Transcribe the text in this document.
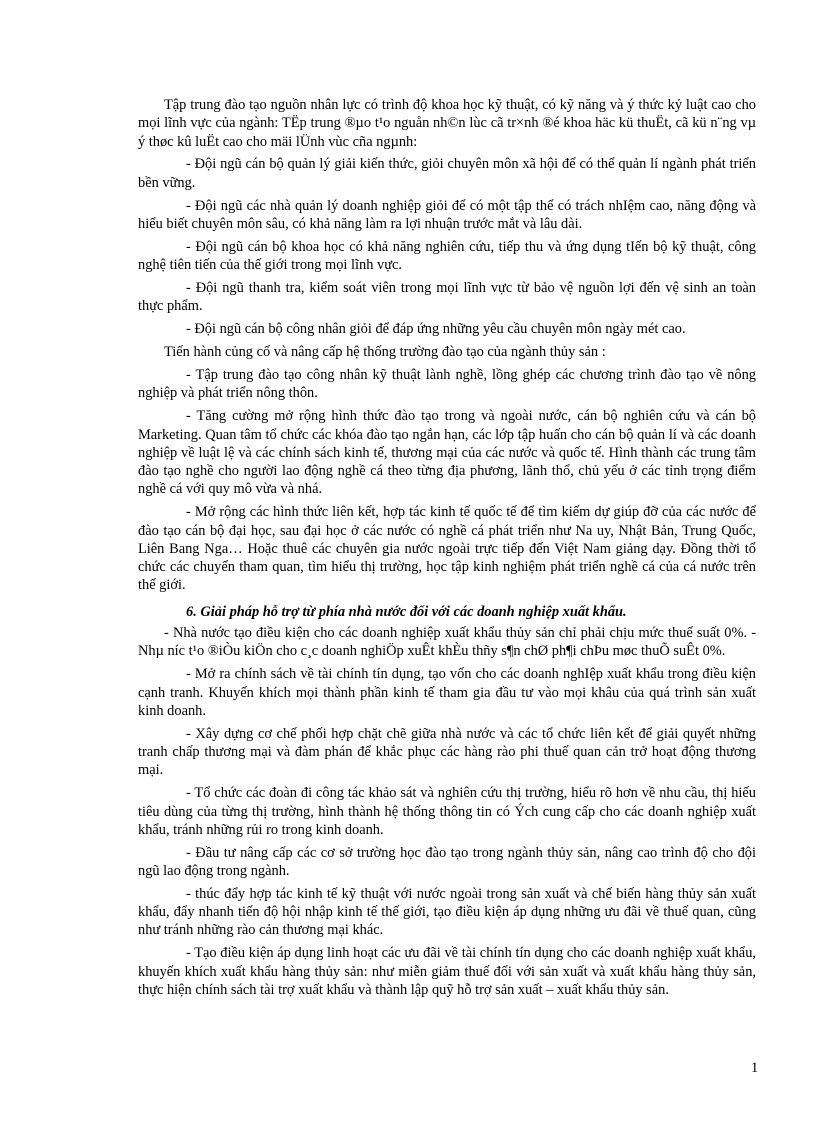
Tập trung đào tạo nguồn nhân lực có trình độ khoa học kỹ thuật, có kỹ năng và ý thức kỷ luật cao cho mọi lĩnh vực của ngành: TËp trung ®µo t¹o nguån nh©n lùc cã tr×nh ®é khoa häc kü thuËt, cã kü n¨ng vµ ý thøc kû luËt cao cho mäi lÜnh vùc cña ngµnh:

- Đội ngũ cán bộ quản lý giải kiến thức, giỏi chuyên môn xã hội để có thể quản lí ngành phát triển bền vững.

- Đội ngũ các nhà quản lý doanh nghiệp giỏi để có một tập thể có trách nhIệm cao, năng động và hiểu biết chuyên môn sâu, có khả năng làm ra lợi nhuận trước mắt và lâu dài.

- Đội ngũ cán bộ khoa học có khả năng nghiên cứu, tiếp thu và ứng dụng tIến bộ kỹ thuật, công nghệ tiên tiến của thế giới trong mọi lĩnh vực.

- Đội ngũ thanh tra, kiểm soát viên trong mọi lĩnh vực từ bảo vệ nguồn lợi đến vệ sinh an toàn thực phẩm.

- Đội ngũ cán bộ công nhân giỏi để đáp ứng những yêu cầu chuyên môn ngày mét cao.

Tiến hành củng cố và nâng cấp hệ thống trường đào tạo của ngành thủy sản :

- Tập trung đào tạo công nhân kỹ thuật lành nghề, lồng ghép các chương trình đào tạo về nông nghiệp và phát triển nông thôn.

- Tăng cường mở rộng hình thức đào tạo trong và ngoài nước, cán bộ nghiên cứu và cán bộ Marketing. Quan tâm tổ chức các khóa đào tạo ngắn hạn, các lớp tập huấn cho cán bộ quản lí và các doanh nghiệp về luật lệ và các chính sách kinh tế, thương mại của các nước và quốc tế. Hình thành các trung tâm đào tạo nghề cho người lao động nghề cá theo từng địa phương, lãnh thổ, chủ yếu ở các tỉnh trọng điểm nghề cá với quy mô vừa và nhá.

- Mở rộng các hình thức liên kết, hợp tác kinh tế quốc tế để tìm kiếm dự giúp đỡ của các nước để đào tạo cán bộ đại học, sau đại học ở các nước có nghề cá phát triển như Na uy, Nhật Bản, Trung Quốc, Liên Bang Nga… Hoặc thuê các chuyên gia nước ngoài trực tiếp đến Việt Nam giảng dạy. Đồng thời tổ chức các chuyến tham quan, tìm hiểu thị trường, học tập kinh nghiệm phát triển nghề cá của cá nước trên thế giới.

6. Giải pháp hỗ trợ từ phía nhà nước đối với các doanh nghiệp xuất khẩu.

- Nhà nước tạo điều kiện cho các doanh nghiệp xuất khẩu thủy sản chỉ phải chịu mức thuế suất 0%. - Nhµ níc t¹o ®iÒu kiÖn cho c¸c doanh nghiÖp xuÊt khÈu thñy s¶n chØ ph¶i chÞu møc thuÕ suÊt 0%.

- Mở ra chính sách về tài chính tín dụng, tạo vốn cho các doanh nghIệp xuất khẩu trong điều kiện cạnh tranh. Khuyến khích mọi thành phần kinh tế tham gia đầu tư vào mọi khâu của quá trình sản xuất kinh doanh.

- Xây dựng cơ chế phối hợp chặt chẽ giữa nhà nước và các tổ chức liên kết để giải quyết những tranh chấp thương mại và đàm phán để khắc phục các hàng rào phi thuế quan cản trở hoạt động thương mại.

- Tổ chức các đoàn đi công tác khảo sát và nghiên cứu thị trường, hiểu rõ hơn về nhu cầu, thị hiếu tiêu dùng của từng thị trường, hình thành hệ thống thông tin có Ých cung cấp cho các doanh nghiệp xuất khẩu, tránh những rủi ro trong kinh doanh.

- Đầu tư nâng cấp các cơ sở trường học đào tạo trong ngành thủy sản, nâng cao trình độ cho đội ngũ lao động trong ngành.

- thúc đẩy hợp tác kinh tế kỹ thuật với nước ngoài trong sản xuất và chế biến hàng thủy sản xuất khẩu, đẩy nhanh tiến độ hội nhập kinh tế thế giới, tạo điều kiện áp dụng những ưu đãi về thuế quan, cũng như tránh những rào cản thương mại khác.

- Tạo điều kiện áp dụng linh hoạt các ưu đãi về tài chính tín dụng cho các doanh nghiệp xuất khẩu, khuyến khích xuất khẩu hàng thủy sản: như miễn giảm thuế đối với sản xuất và xuất khẩu hàng thủy sản, thực hiện chính sách tài trợ xuất khẩu và thành lập quỹ hỗ trợ sản xuất – xuất khẩu thủy sản.

1
